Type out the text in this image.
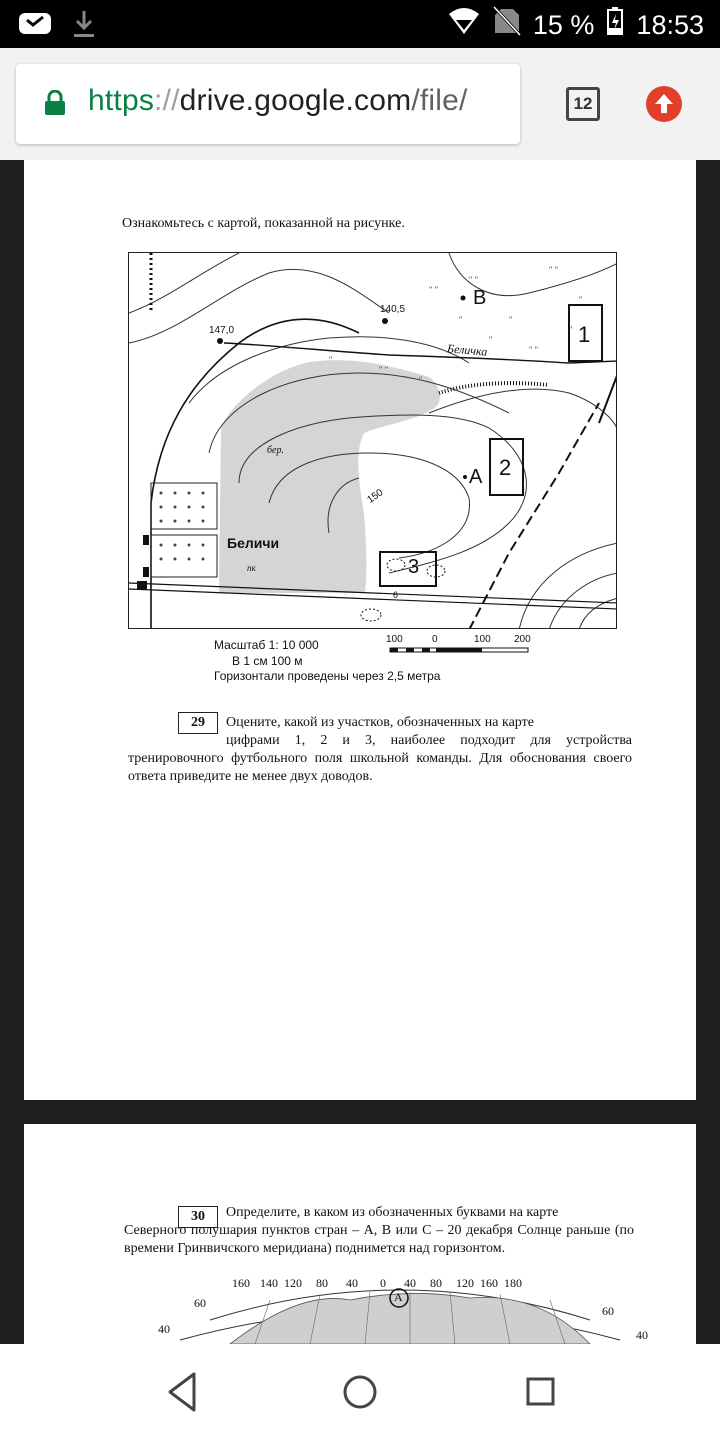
15 % 18:53
https://drive.google.com/file/	12
Ознакомьтесь с картой, показанной на рисунке.
" "
" "
"
" "
"
"
" "
"
"
"
"
" "
"
147,0
140,5
Беличка
150
Беличи
бер.
пк
А
В
1
2
3
6
Масштаб 1: 10 000
В 1 см 100 м
Горизонтали проведены через 2,5 метра
100	0	100 200
29 Оцените, какой из участков, обозначенных на карте
цифрами 1, 2 и 3, наиболее подходит для устройства тренировочного футбольного поля школьной команды. Для обоснования своего ответа приведите не менее двух доводов.
30 Определите, в каком из обозначенных буквами на карте
Северного полушария пунктов стран – А, В или С – 20 декабря Солнце раньше (по времени Гринвичского меридиана) поднимется над горизонтом.
160 140 120 80 40 0 40 80 120 160 180
60
60
40	40
A
